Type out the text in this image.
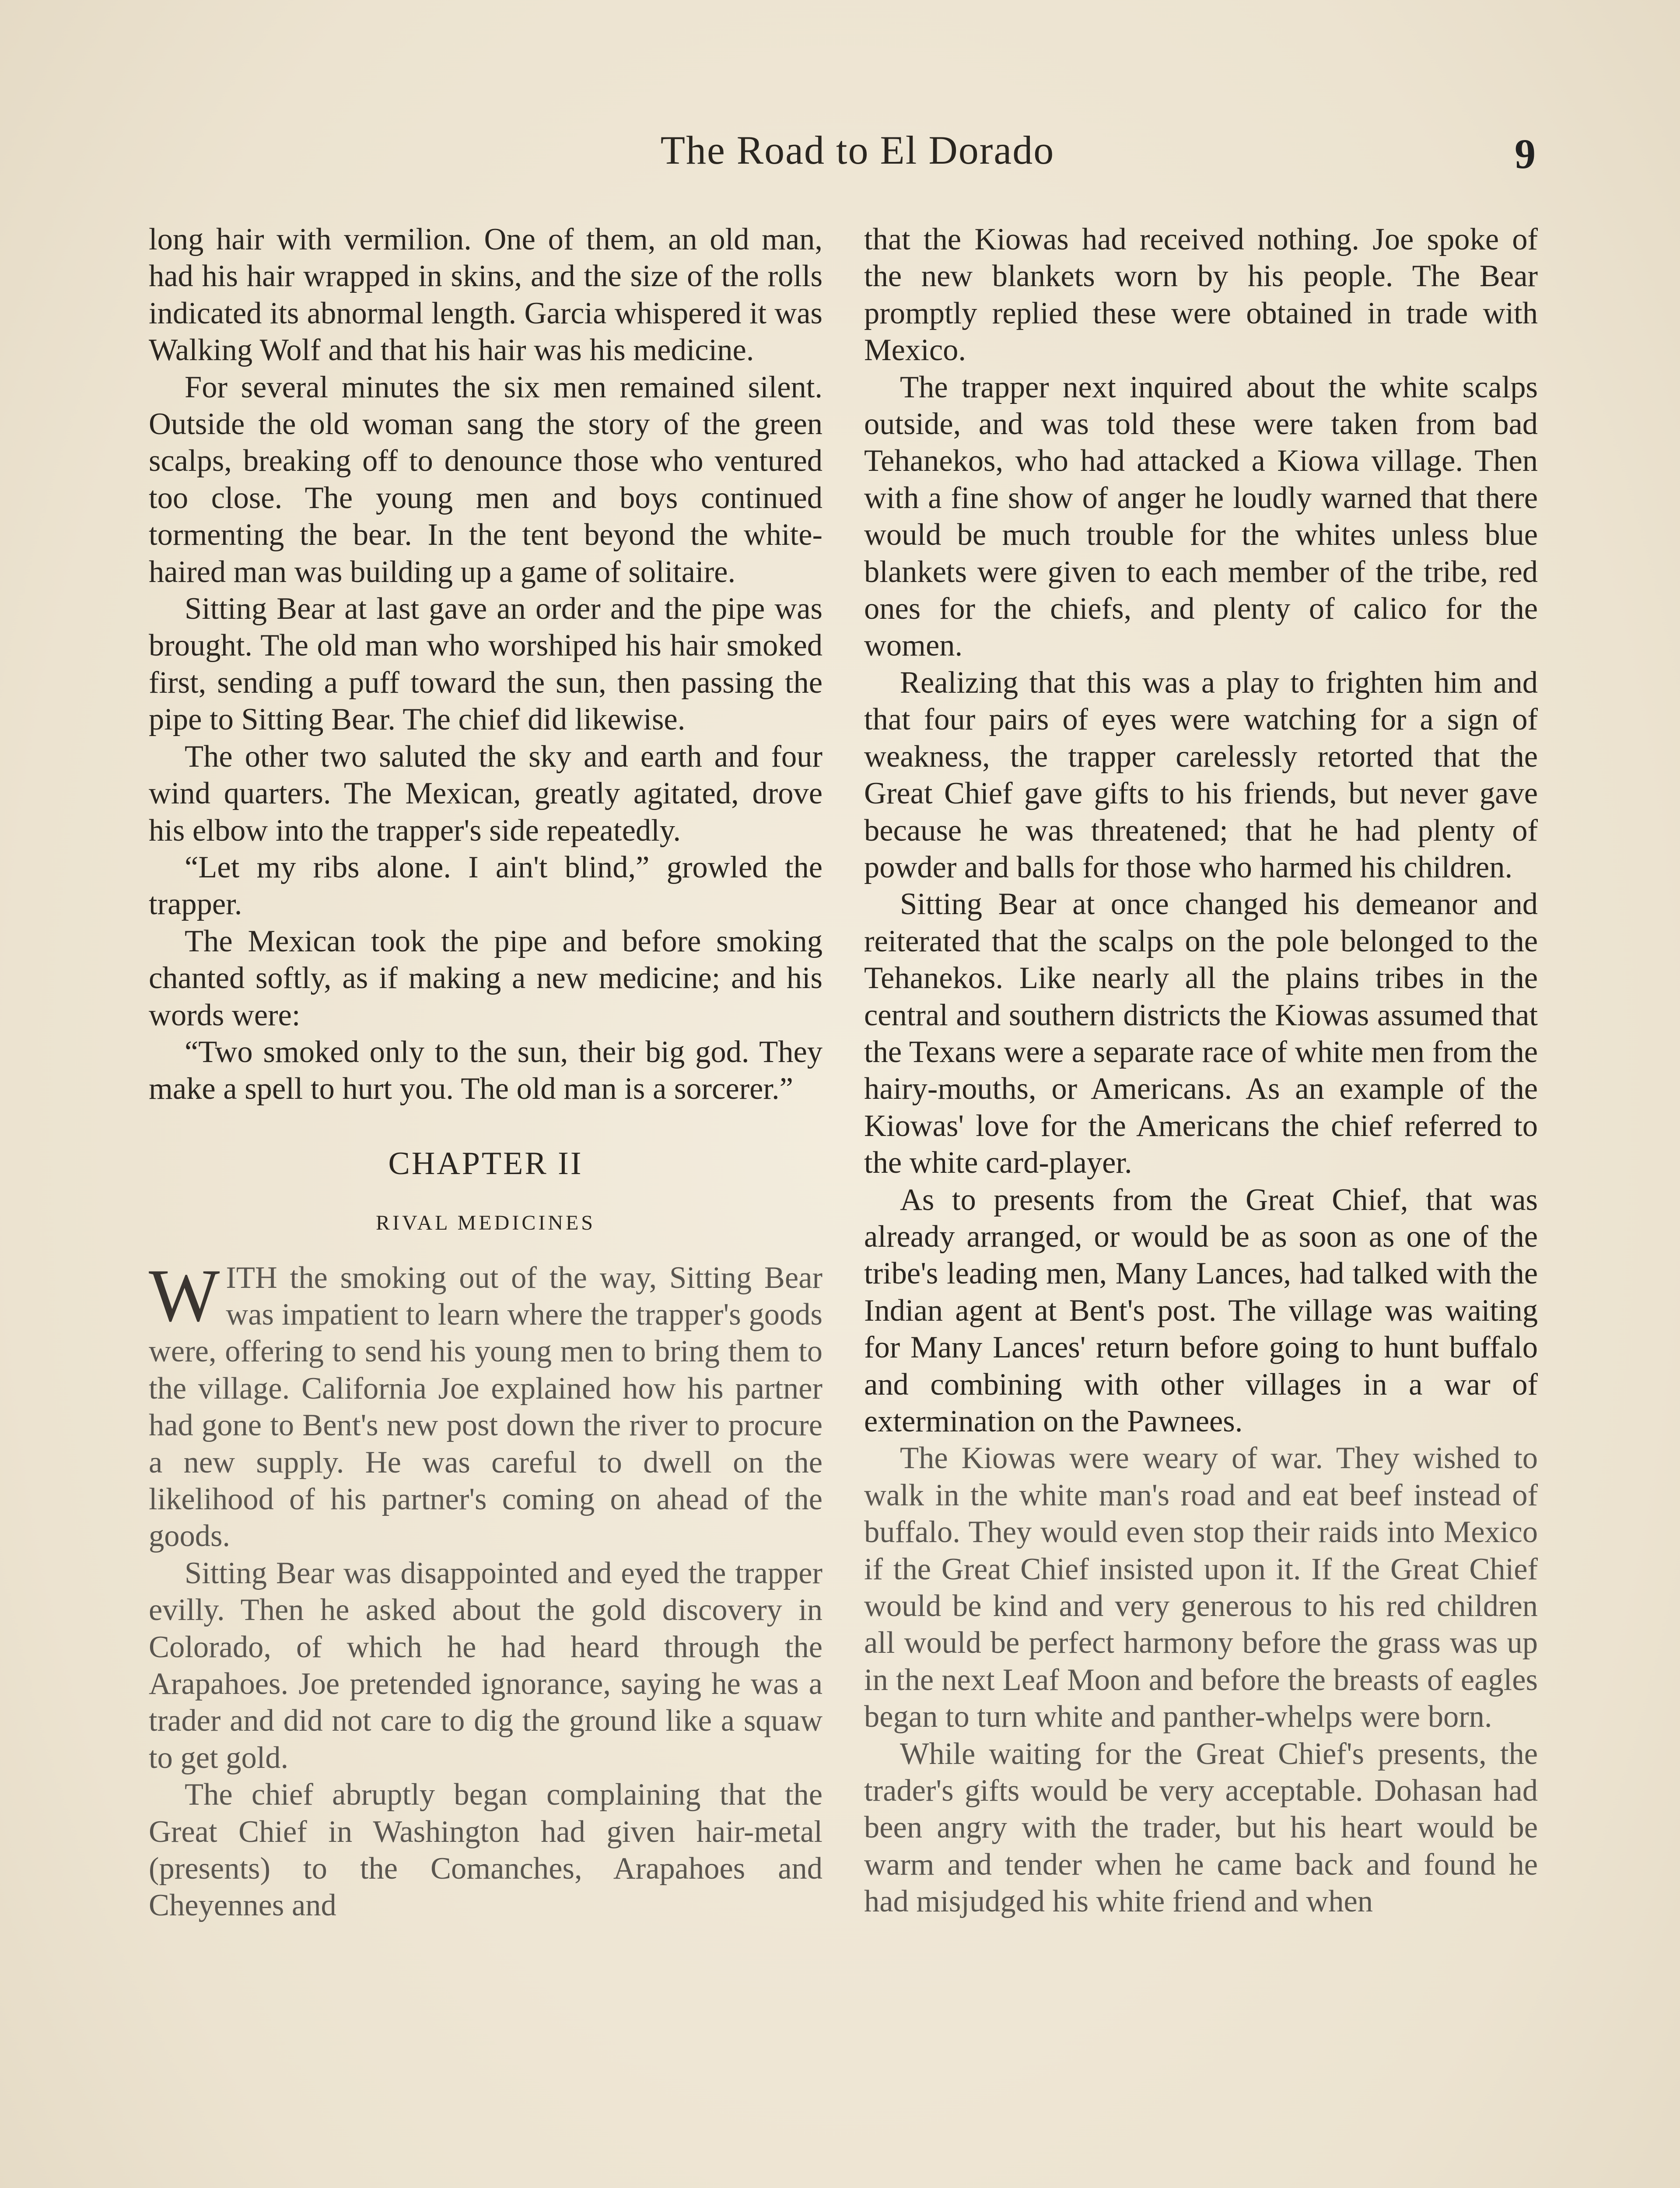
The Road to El Dorado	9

long hair with vermilion. One of them, an old man, had his hair wrapped in skins, and the size of the rolls indicated its abnormal length. Garcia whispered it was Walking Wolf and that his hair was his medicine.

For several minutes the six men remained silent. Outside the old woman sang the story of the green scalps, breaking off to denounce those who ventured too close. The young men and boys continued tormenting the bear. In the tent beyond the white-haired man was building up a game of solitaire.

Sitting Bear at last gave an order and the pipe was brought. The old man who worshiped his hair smoked first, sending a puff toward the sun, then passing the pipe to Sitting Bear. The chief did likewise.

The other two saluted the sky and earth and four wind quarters. The Mexican, greatly agitated, drove his elbow into the trapper's side repeatedly.

“Let my ribs alone. I ain't blind,” growled the trapper.

The Mexican took the pipe and before smoking chanted softly, as if making a new medicine; and his words were:

“Two smoked only to the sun, their big god. They make a spell to hurt you. The old man is a sorcerer.”

CHAPTER II
RIVAL MEDICINES

WITH the smoking out of the way, Sitting Bear was impatient to learn where the trapper's goods were, offering to send his young men to bring them to the village. California Joe explained how his partner had gone to Bent's new post down the river to procure a new supply. He was careful to dwell on the likelihood of his partner's coming on ahead of the goods.

Sitting Bear was disappointed and eyed the trapper evilly. Then he asked about the gold discovery in Colorado, of which he had heard through the Arapahoes. Joe pretended ignorance, saying he was a trader and did not care to dig the ground like a squaw to get gold.

The chief abruptly began complaining that the Great Chief in Washington had given hair-metal (presents) to the Comanches, Arapahoes and Cheyennes and

that the Kiowas had received nothing. Joe spoke of the new blankets worn by his people. The Bear promptly replied these were obtained in trade with Mexico.

The trapper next inquired about the white scalps outside, and was told these were taken from bad Tehanekos, who had attacked a Kiowa village. Then with a fine show of anger he loudly warned that there would be much trouble for the whites unless blue blankets were given to each member of the tribe, red ones for the chiefs, and plenty of calico for the women.

Realizing that this was a play to frighten him and that four pairs of eyes were watching for a sign of weakness, the trapper carelessly retorted that the Great Chief gave gifts to his friends, but never gave because he was threatened; that he had plenty of powder and balls for those who harmed his children.

Sitting Bear at once changed his demeanor and reiterated that the scalps on the pole belonged to the Tehanekos. Like nearly all the plains tribes in the central and southern districts the Kiowas assumed that the Texans were a separate race of white men from the hairy-mouths, or Americans. As an example of the Kiowas' love for the Americans the chief referred to the white card-player.

As to presents from the Great Chief, that was already arranged, or would be as soon as one of the tribe's leading men, Many Lances, had talked with the Indian agent at Bent's post. The village was waiting for Many Lances' return before going to hunt buffalo and combining with other villages in a war of extermination on the Pawnees.

The Kiowas were weary of war. They wished to walk in the white man's road and eat beef instead of buffalo. They would even stop their raids into Mexico if the Great Chief insisted upon it. If the Great Chief would be kind and very generous to his red children all would be perfect harmony before the grass was up in the next Leaf Moon and before the breasts of eagles began to turn white and panther-whelps were born.

While waiting for the Great Chief's presents, the trader's gifts would be very acceptable. Dohasan had been angry with the trader, but his heart would be warm and tender when he came back and found he had misjudged his white friend and when
